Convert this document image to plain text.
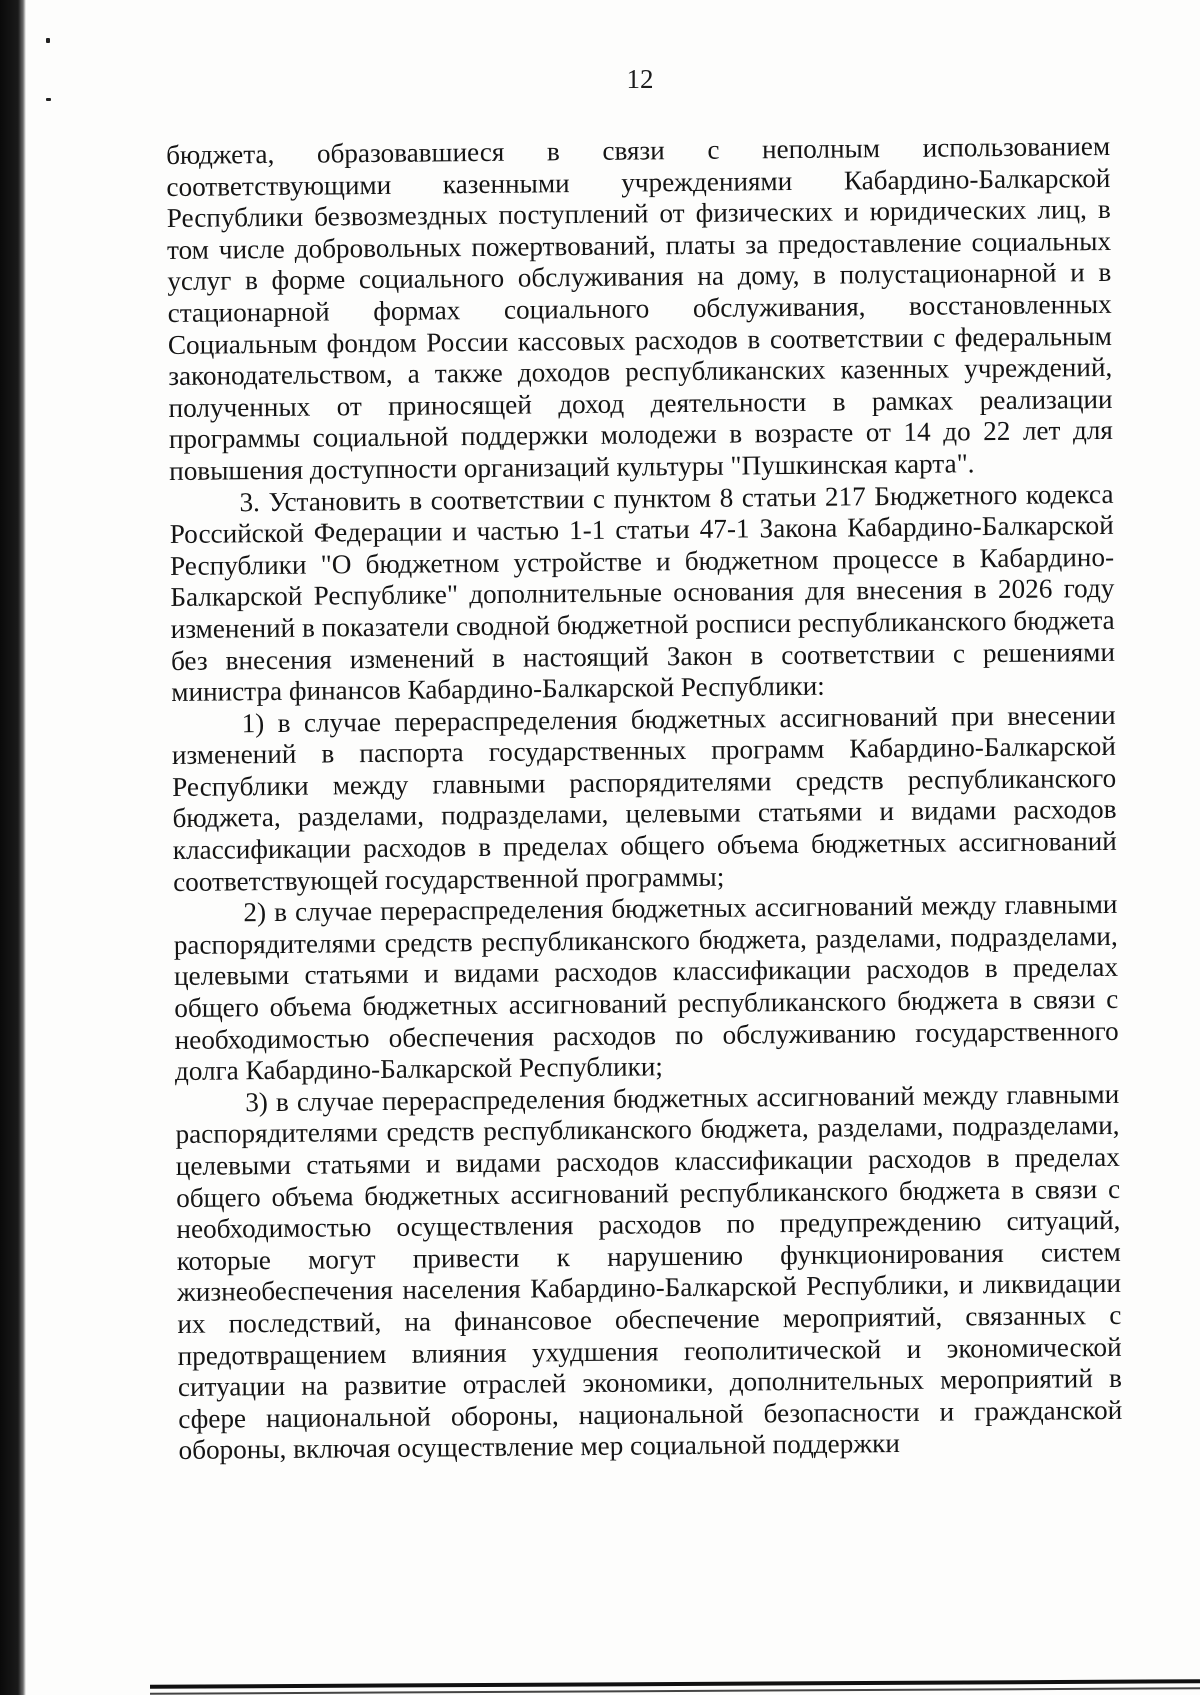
12

бюджета, образовавшиеся в связи с неполным использованием соответствующими казенными учреждениями Кабардино-Балкарской Республики безвозмездных поступлений от физических и юридических лиц, в том числе добровольных пожертвований, платы за предоставление социальных услуг в форме социального обслуживания на дому, в полустационарной и в стационарной формах социального обслуживания, восстановленных Социальным фондом России кассовых расходов в соответствии с федеральным законодательством, а также доходов республиканских казенных учреждений, полученных от приносящей доход деятельности в рамках реализации программы социальной поддержки молодежи в возрасте от 14 до 22 лет для повышения доступности организаций культуры "Пушкинская карта".

3. Установить в соответствии с пунктом 8 статьи 217 Бюджетного кодекса Российской Федерации и частью 1-1 статьи 47-1 Закона Кабардино-Балкарской Республики "О бюджетном устройстве и бюджетном процессе в Кабардино-Балкарской Республике" дополнительные основания для внесения в 2026 году изменений в показатели сводной бюджетной росписи республиканского бюджета без внесения изменений в настоящий Закон в соответствии с решениями министра финансов Кабардино-Балкарской Республики:

1) в случае перераспределения бюджетных ассигнований при внесении изменений в паспорта государственных программ Кабардино-Балкарской Республики между главными распорядителями средств республиканского бюджета, разделами, подразделами, целевыми статьями и видами расходов классификации расходов в пределах общего объема бюджетных ассигнований соответствующей государственной программы;

2) в случае перераспределения бюджетных ассигнований между главными распорядителями средств республиканского бюджета, разделами, подразделами, целевыми статьями и видами расходов классификации расходов в пределах общего объема бюджетных ассигнований республиканского бюджета в связи с необходимостью обеспечения расходов по обслуживанию государственного долга Кабардино-Балкарской Республики;

3) в случае перераспределения бюджетных ассигнований между главными распорядителями средств республиканского бюджета, разделами, подразделами, целевыми статьями и видами расходов классификации расходов в пределах общего объема бюджетных ассигнований республиканского бюджета в связи с необходимостью осуществления расходов по предупреждению ситуаций, которые могут привести к нарушению функционирования систем жизнеобеспечения населения Кабардино-Балкарской Республики, и ликвидации их последствий, на финансовое обеспечение мероприятий, связанных с предотвращением влияния ухудшения геополитической и экономической ситуации на развитие отраслей экономики, дополнительных мероприятий в сфере национальной обороны, национальной безопасности и гражданской обороны, включая осуществление мер социальной поддержки
